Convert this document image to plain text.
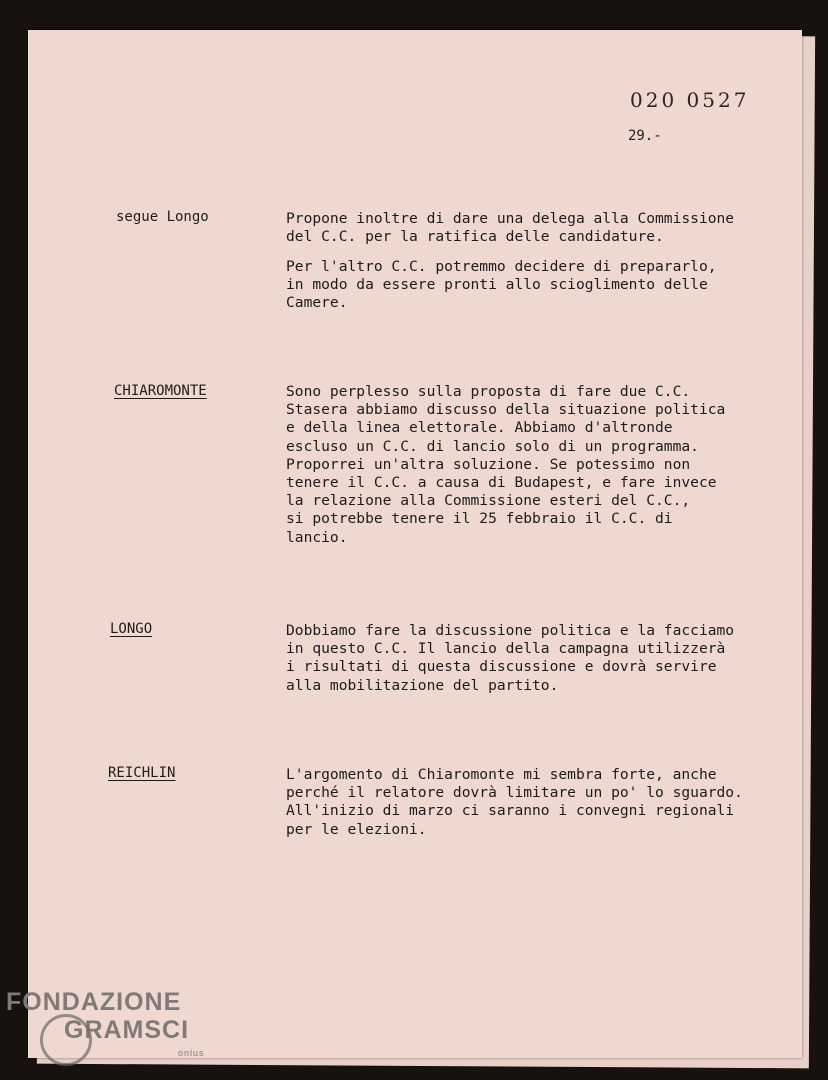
020 0527
29.-
segue Longo	Propone inoltre di dare una delega alla Commissione
del C.C. per la ratifica delle candidature.

Per l'altro C.C. potremmo decidere di prepararlo,
in modo da essere pronti allo scioglimento delle
Camere.

CHIAROMONTE	Sono perplesso sulla proposta di fare due C.C.
Stasera abbiamo discusso della situazione politica
e della linea elettorale. Abbiamo d'altronde
escluso un C.C. di lancio solo di un programma.
Proporrei un'altra soluzione. Se potessimo non
tenere il C.C. a causa di Budapest, e fare invece
la relazione alla Commissione esteri del C.C.,
si potrebbe tenere il 25 febbraio il C.C. di
lancio.

LONGO	Dobbiamo fare la discussione politica e la facciamo
in questo C.C. Il lancio della campagna utilizzerà
i risultati di questa discussione e dovrà servire
alla mobilitazione del partito.

REICHLIN	L'argomento di Chiaromonte mi sembra forte, anche
perché il relatore dovrà limitare un po' lo sguardo.
All'inizio di marzo ci saranno i convegni regionali
per le elezioni.

FONDAZIONE
GRAMSCI
onlus
